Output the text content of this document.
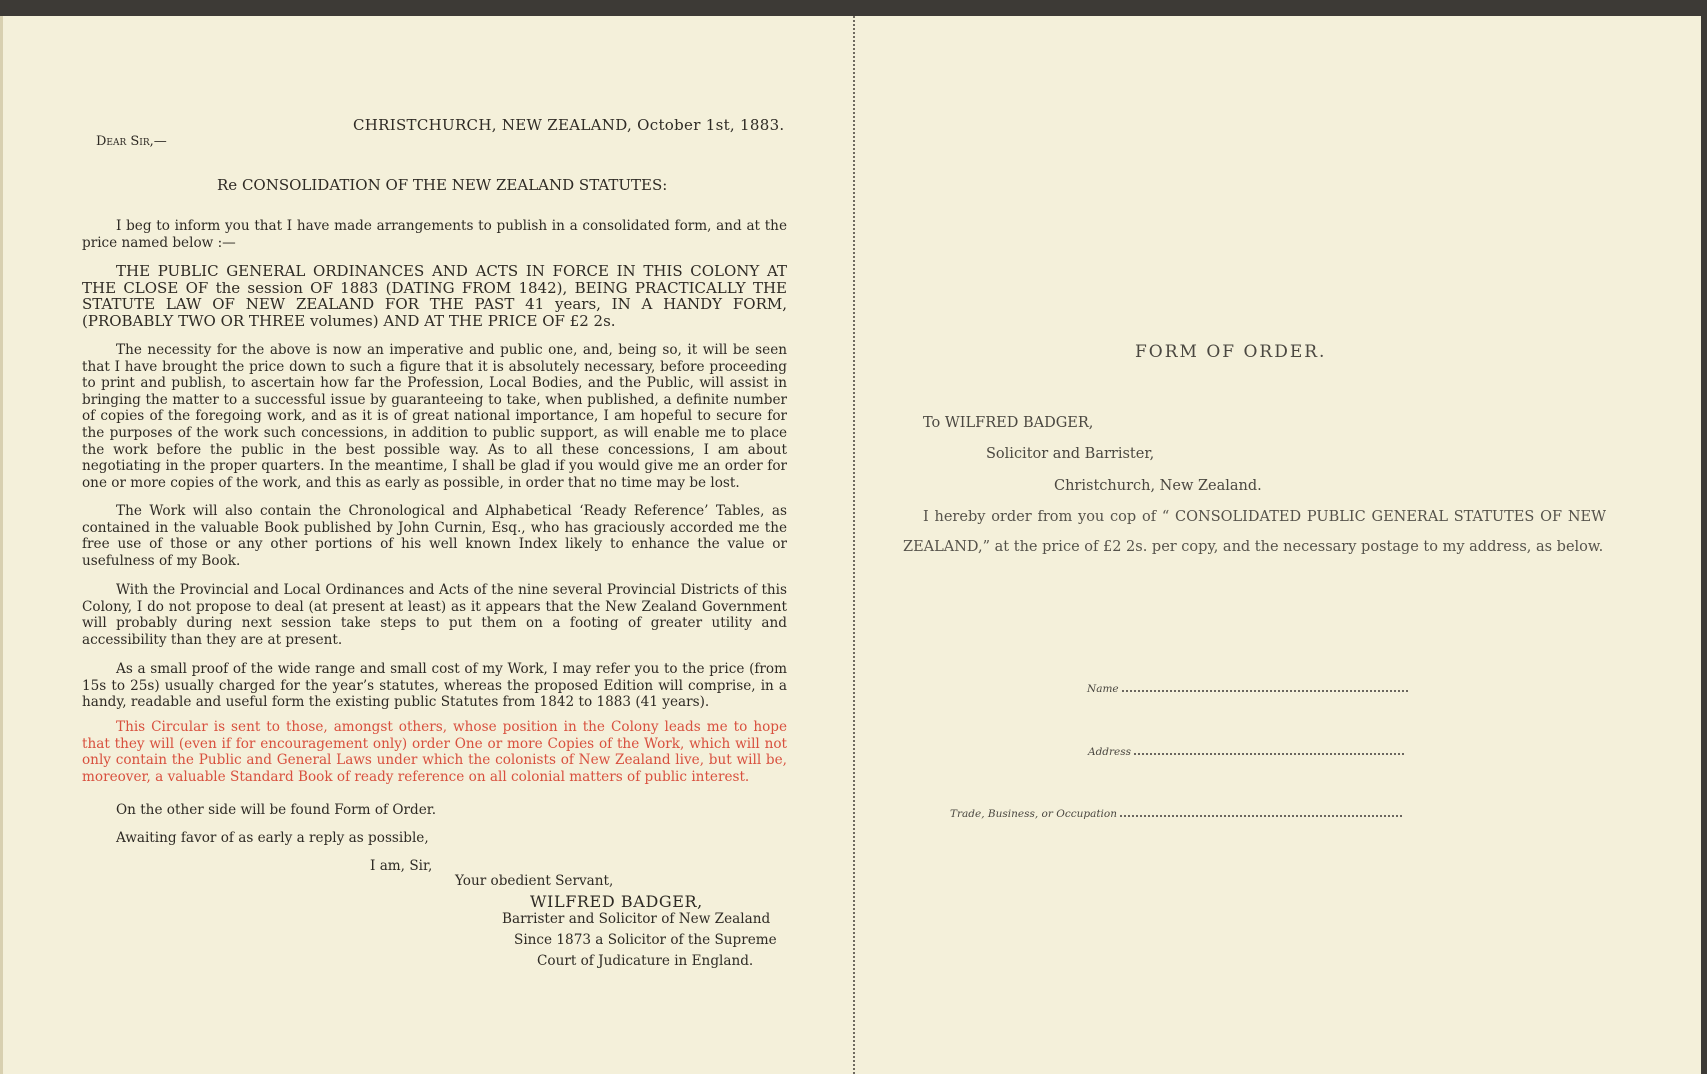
CHRISTCHURCH, NEW ZEALAND, October 1st, 1883.
Dear Sir,—
Re CONSOLIDATION OF THE NEW ZEALAND STATUTES:

I beg to inform you that I have made arrangements to publish in a consolidated form, and at the price named below :—

THE PUBLIC GENERAL ORDINANCES AND ACTS IN FORCE IN THIS COLONY AT THE CLOSE OF the session OF 1883 (DATING FROM 1842), BEING PRACTICALLY THE STATUTE LAW OF NEW ZEALAND FOR THE PAST 41 years, IN A HANDY FORM, (PROBABLY TWO OR THREE volumes) AND AT THE PRICE OF £2 2s.

The necessity for the above is now an imperative and public one, and, being so, it will be seen that I have brought the price down to such a figure that it is absolutely necessary, before proceeding to print and publish, to ascertain how far the Profession, Local Bodies, and the Public, will assist in bringing the matter to a successful issue by guaranteeing to take, when published, a definite number of copies of the foregoing work, and as it is of great national importance, I am hopeful to secure for the purposes of the work such concessions, in addition to public support, as will enable me to place the work before the public in the best possible way. As to all these concessions, I am about negotiating in the proper quarters. In the meantime, I shall be glad if you would give me an order for one or more copies of the work, and this as early as possible, in order that no time may be lost.

The Work will also contain the Chronological and Alphabetical ‘Ready Reference’ Tables, as contained in the valuable Book published by John Curnin, Esq., who has graciously accorded me the free use of those or any other portions of his well known Index likely to enhance the value or usefulness of my Book.

With the Provincial and Local Ordinances and Acts of the nine several Provincial Districts of this Colony, I do not propose to deal (at present at least) as it appears that the New Zealand Government will probably during next session take steps to put them on a footing of greater utility and accessibility than they are at present.

As a small proof of the wide range and small cost of my Work, I may refer you to the price (from 15s to 25s) usually charged for the year’s statutes, whereas the proposed Edition will comprise, in a handy, readable and useful form the existing public Statutes from 1842 to 1883 (41 years).

This Circular is sent to those, amongst others, whose position in the Colony leads me to hope that they will (even if for encouragement only) order One or more Copies of the Work, which will not only contain the Public and General Laws under which the colonists of New Zealand live, but will be, moreover, a valuable Standard Book of ready reference on all colonial matters of public interest.

On the other side will be found Form of Order.
Awaiting favor of as early a reply as possible,
I am, Sir,
Your obedient Servant,
WILFRED BADGER,
Barrister and Solicitor of New Zealand
Since 1873 a Solicitor of the Supreme
Court of Judicature in England.
FORM OF ORDER.
To WILFRED BADGER,
Solicitor and Barrister,
Christchurch, New Zealand.

I hereby order from you cop of “ CONSOLIDATED PUBLIC GENERAL STATUTES OF NEW ZEALAND,” at the price of £2 2s. per copy, and the necessary postage to my address, as below.

Name
Address
Trade, Business, or Occupation
